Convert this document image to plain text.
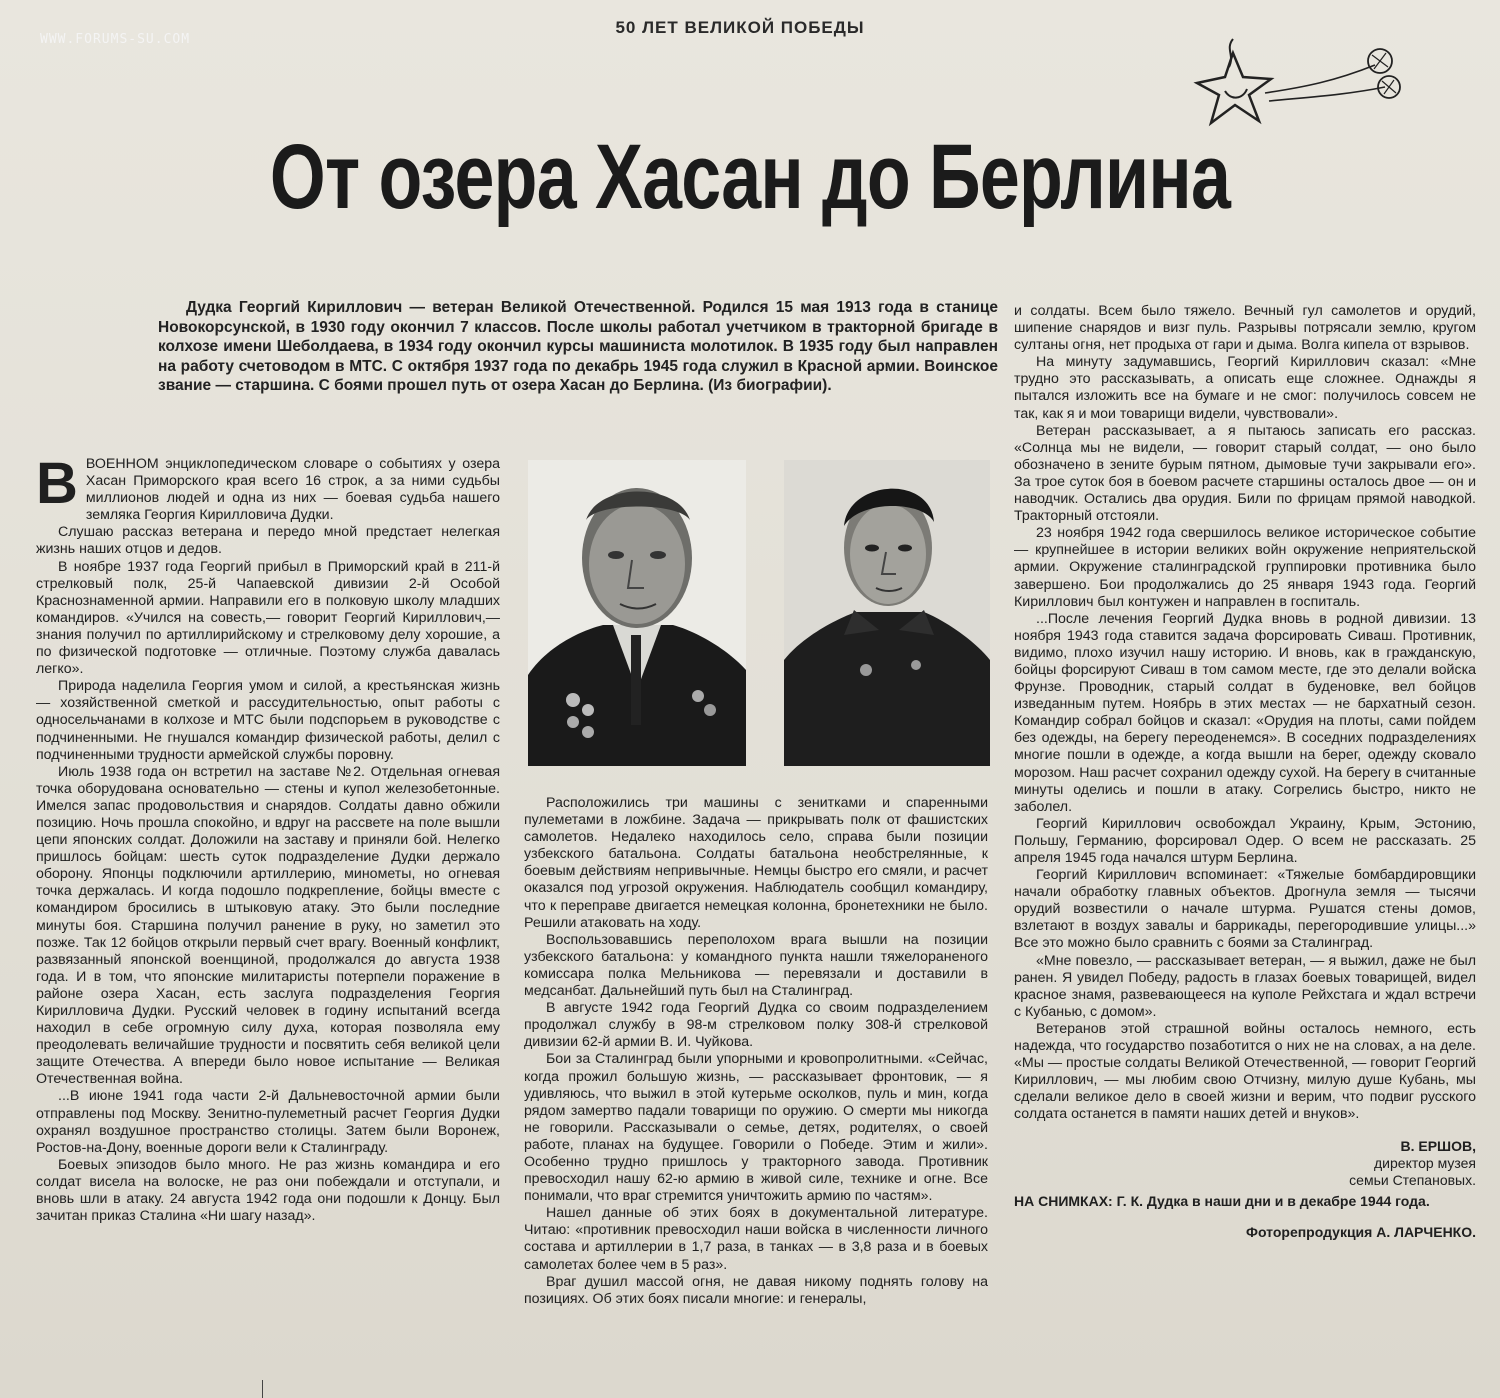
WWW.FORUMS-SU.COM
50 ЛЕТ ВЕЛИКОЙ ПОБЕДЫ
От озера Хасан до Берлина
Дудка Георгий Кириллович — ветеран Великой Отечественной. Родился 15 мая 1913 года в станице Новокорсунской, в 1930 году окончил 7 классов. После школы работал учетчиком в тракторной бригаде в колхозе имени Шеболдаева, в 1934 году окончил курсы машиниста молотилок. В 1935 году был направлен на работу счетоводом в МТС. С октября 1937 года по декабрь 1945 года служил в Красной армии. Воинское звание — старшина. С боями прошел путь от озера Хасан до Берлина. (Из биографии).
В ВОЕННОМ энциклопедическом словаре о событиях у озера Хасан Приморского края всего 16 строк, а за ними судьбы миллионов людей и одна из них — боевая судьба нашего земляка Георгия Кирилловича Дудки.

Слушаю рассказ ветерана и передо мной предстает нелегкая жизнь наших отцов и дедов.

В ноябре 1937 года Георгий прибыл в Приморский край в 211-й стрелковый полк, 25-й Чапаевской дивизии 2-й Особой Краснознаменной армии. Направили его в полковую школу младших командиров. «Учился на совесть,— говорит Георгий Кириллович,— знания получил по артиллирийскому и стрелковому делу хорошие, а по физической подготовке — отличные. Поэтому служба давалась легко».

Природа наделила Георгия умом и силой, а крестьянская жизнь — хозяйственной сметкой и рассудительностью, опыт работы с односельчанами в колхозе и МТС были подспорьем в руководстве с подчиненными. Не гнушался командир физической работы, делил с подчиненными трудности армейской службы поровну.

Июль 1938 года он встретил на заставе №2. Отдельная огневая точка оборудована основательно — стены и купол железобетонные. Имелся запас продовольствия и снарядов. Солдаты давно обжили позицию. Ночь прошла спокойно, и вдруг на рассвете на поле вышли цепи японских солдат. Доложили на заставу и приняли бой. Нелегко пришлось бойцам: шесть суток подразделение Дудки держало оборону. Японцы подключили артиллерию, минометы, но огневая точка держалась. И когда подошло подкрепление, бойцы вместе с командиром бросились в штыковую атаку. Это были последние минуты боя. Старшина получил ранение в руку, но заметил это позже. Так 12 бойцов открыли первый счет врагу. Военный конфликт, развязанный японской военщиной, продолжался до августа 1938 года. И в том, что японские милитаристы потерпели поражение в районе озера Хасан, есть заслуга подразделения Георгия Кирилловича Дудки. Русский человек в годину испытаний всегда находил в себе огромную силу духа, которая позволяла ему преодолевать величайшие трудности и посвятить себя великой цели защите Отечества. А впереди было новое испытание — Великая Отечественная война.

...В июне 1941 года части 2-й Дальневосточной армии были отправлены под Москву. Зенитно-пулеметный расчет Георгия Дудки охранял воздушное пространство столицы. Затем были Воронеж, Ростов-на-Дону, военные дороги вели к Сталинграду.

Боевых эпизодов было много. Не раз жизнь командира и его солдат висела на волоске, не раз они побеждали и отступали, и вновь шли в атаку. 24 августа 1942 года они подошли к Донцу. Был зачитан приказ Сталина «Ни шагу назад».

Расположились три машины с зенитками и спаренными пулеметами в ложбине. Задача — прикрывать полк от фашистских самолетов. Недалеко находилось село, справа были позиции узбекского батальона. Солдаты батальона необстрелянные, к боевым действиям непривычные. Немцы быстро его смяли, и расчет оказался под угрозой окружения. Наблюдатель сообщил командиру, что к переправе двигается немецкая колонна, бронетехники не было. Решили атаковать на ходу.

Воспользовавшись переполохом врага вышли на позиции узбекского батальона: у командного пункта нашли тяжелораненого комиссара полка Мельникова — перевязали и доставили в медсанбат. Дальнейший путь был на Сталинград.

В августе 1942 года Георгий Дудка со своим подразделением продолжал службу в 98-м стрелковом полку 308-й стрелковой дивизии 62-й армии В. И. Чуйкова.

Бои за Сталинград были упорными и кровопролитными. «Сейчас, когда прожил большую жизнь, — рассказывает фронтовик, — я удивляюсь, что выжил в этой кутерьме осколков, пуль и мин, когда рядом замертво падали товарищи по оружию. О смерти мы никогда не говорили. Рассказывали о семье, детях, родителях, о своей работе, планах на будущее. Говорили о Победе. Этим и жили». Особенно трудно пришлось у тракторного завода. Противник превосходил нашу 62-ю армию в живой силе, технике и огне. Все понимали, что враг стремится уничтожить армию по частям».

Нашел данные об этих боях в документальной литературе. Читаю: «противник превосходил наши войска в численности личного состава и артиллерии в 1,7 раза, в танках — в 3,8 раза и в боевых самолетах более чем в 5 раз».

Враг душил массой огня, не давая никому поднять голову на позициях. Об этих боях писали многие: и генералы,

и солдаты. Всем было тяжело. Вечный гул самолетов и орудий, шипение снарядов и визг пуль. Разрывы потрясали землю, кругом султаны огня, нет продыха от гари и дыма. Волга кипела от взрывов.

На минуту задумавшись, Георгий Кириллович сказал: «Мне трудно это рассказывать, а описать еще сложнее. Однажды я пытался изложить все на бумаге и не смог: получилось совсем не так, как я и мои товарищи видели, чувствовали».

Ветеран рассказывает, а я пытаюсь записать его рассказ. «Солнца мы не видели, — говорит старый солдат, — оно было обозначено в зените бурым пятном, дымовые тучи закрывали его». За трое суток боя в боевом расчете старшины осталось двое — он и наводчик. Остались два орудия. Били по фрицам прямой наводкой. Тракторный отстояли.

23 ноября 1942 года свершилось великое историческое событие — крупнейшее в истории великих войн окружение неприятельской армии. Окружение сталинградской группировки противника было завершено. Бои продолжались до 25 января 1943 года. Георгий Кириллович был контужен и направлен в госпиталь.

...После лечения Георгий Дудка вновь в родной дивизии. 13 ноября 1943 года ставится задача форсировать Сиваш. Противник, видимо, плохо изучил нашу историю. И вновь, как в гражданскую, бойцы форсируют Сиваш в том самом месте, где это делали войска Фрунзе. Проводник, старый солдат в буденовке, вел бойцов изведанным путем. Ноябрь в этих местах — не бархатный сезон. Командир собрал бойцов и сказал: «Орудия на плоты, сами пойдем без одежды, на берегу переоденемся». В соседних подразделениях многие пошли в одежде, а когда вышли на берег, одежду сковало морозом. Наш расчет сохранил одежду сухой. На берегу в считанные минуты оделись и пошли в атаку. Согрелись быстро, никто не заболел.

Георгий Кириллович освобождал Украину, Крым, Эстонию, Польшу, Германию, форсировал Одер. О всем не рассказать. 25 апреля 1945 года начался штурм Берлина.

Георгий Кириллович вспоминает: «Тяжелые бомбардировщики начали обработку главных объектов. Дрогнула земля — тысячи орудий возвестили о начале штурма. Рушатся стены домов, взлетают в воздух завалы и баррикады, перегородившие улицы...» Все это можно было сравнить с боями за Сталинград.

«Мне повезло, — рассказывает ветеран, — я выжил, даже не был ранен. Я увидел Победу, радость в глазах боевых товарищей, видел красное знамя, развевающееся на куполе Рейхстага и ждал встречи с Кубанью, с домом».

Ветеранов этой страшной войны осталось немного, есть надежда, что государство позаботится о них не на словах, а на деле. «Мы — простые солдаты Великой Отечественной, — говорит Георгий Кириллович, — мы любим свою Отчизну, милую душе Кубань, мы сделали великое дело в своей жизни и верим, что подвиг русского солдата останется в памяти наших детей и внуков».

В. ЕРШОВ,
директор музея
семьи Степановых.
НА СНИМКАХ: Г. К. Дудка в наши дни и в декабре 1944 года.
Фоторепродукция А. ЛАРЧЕНКО.
